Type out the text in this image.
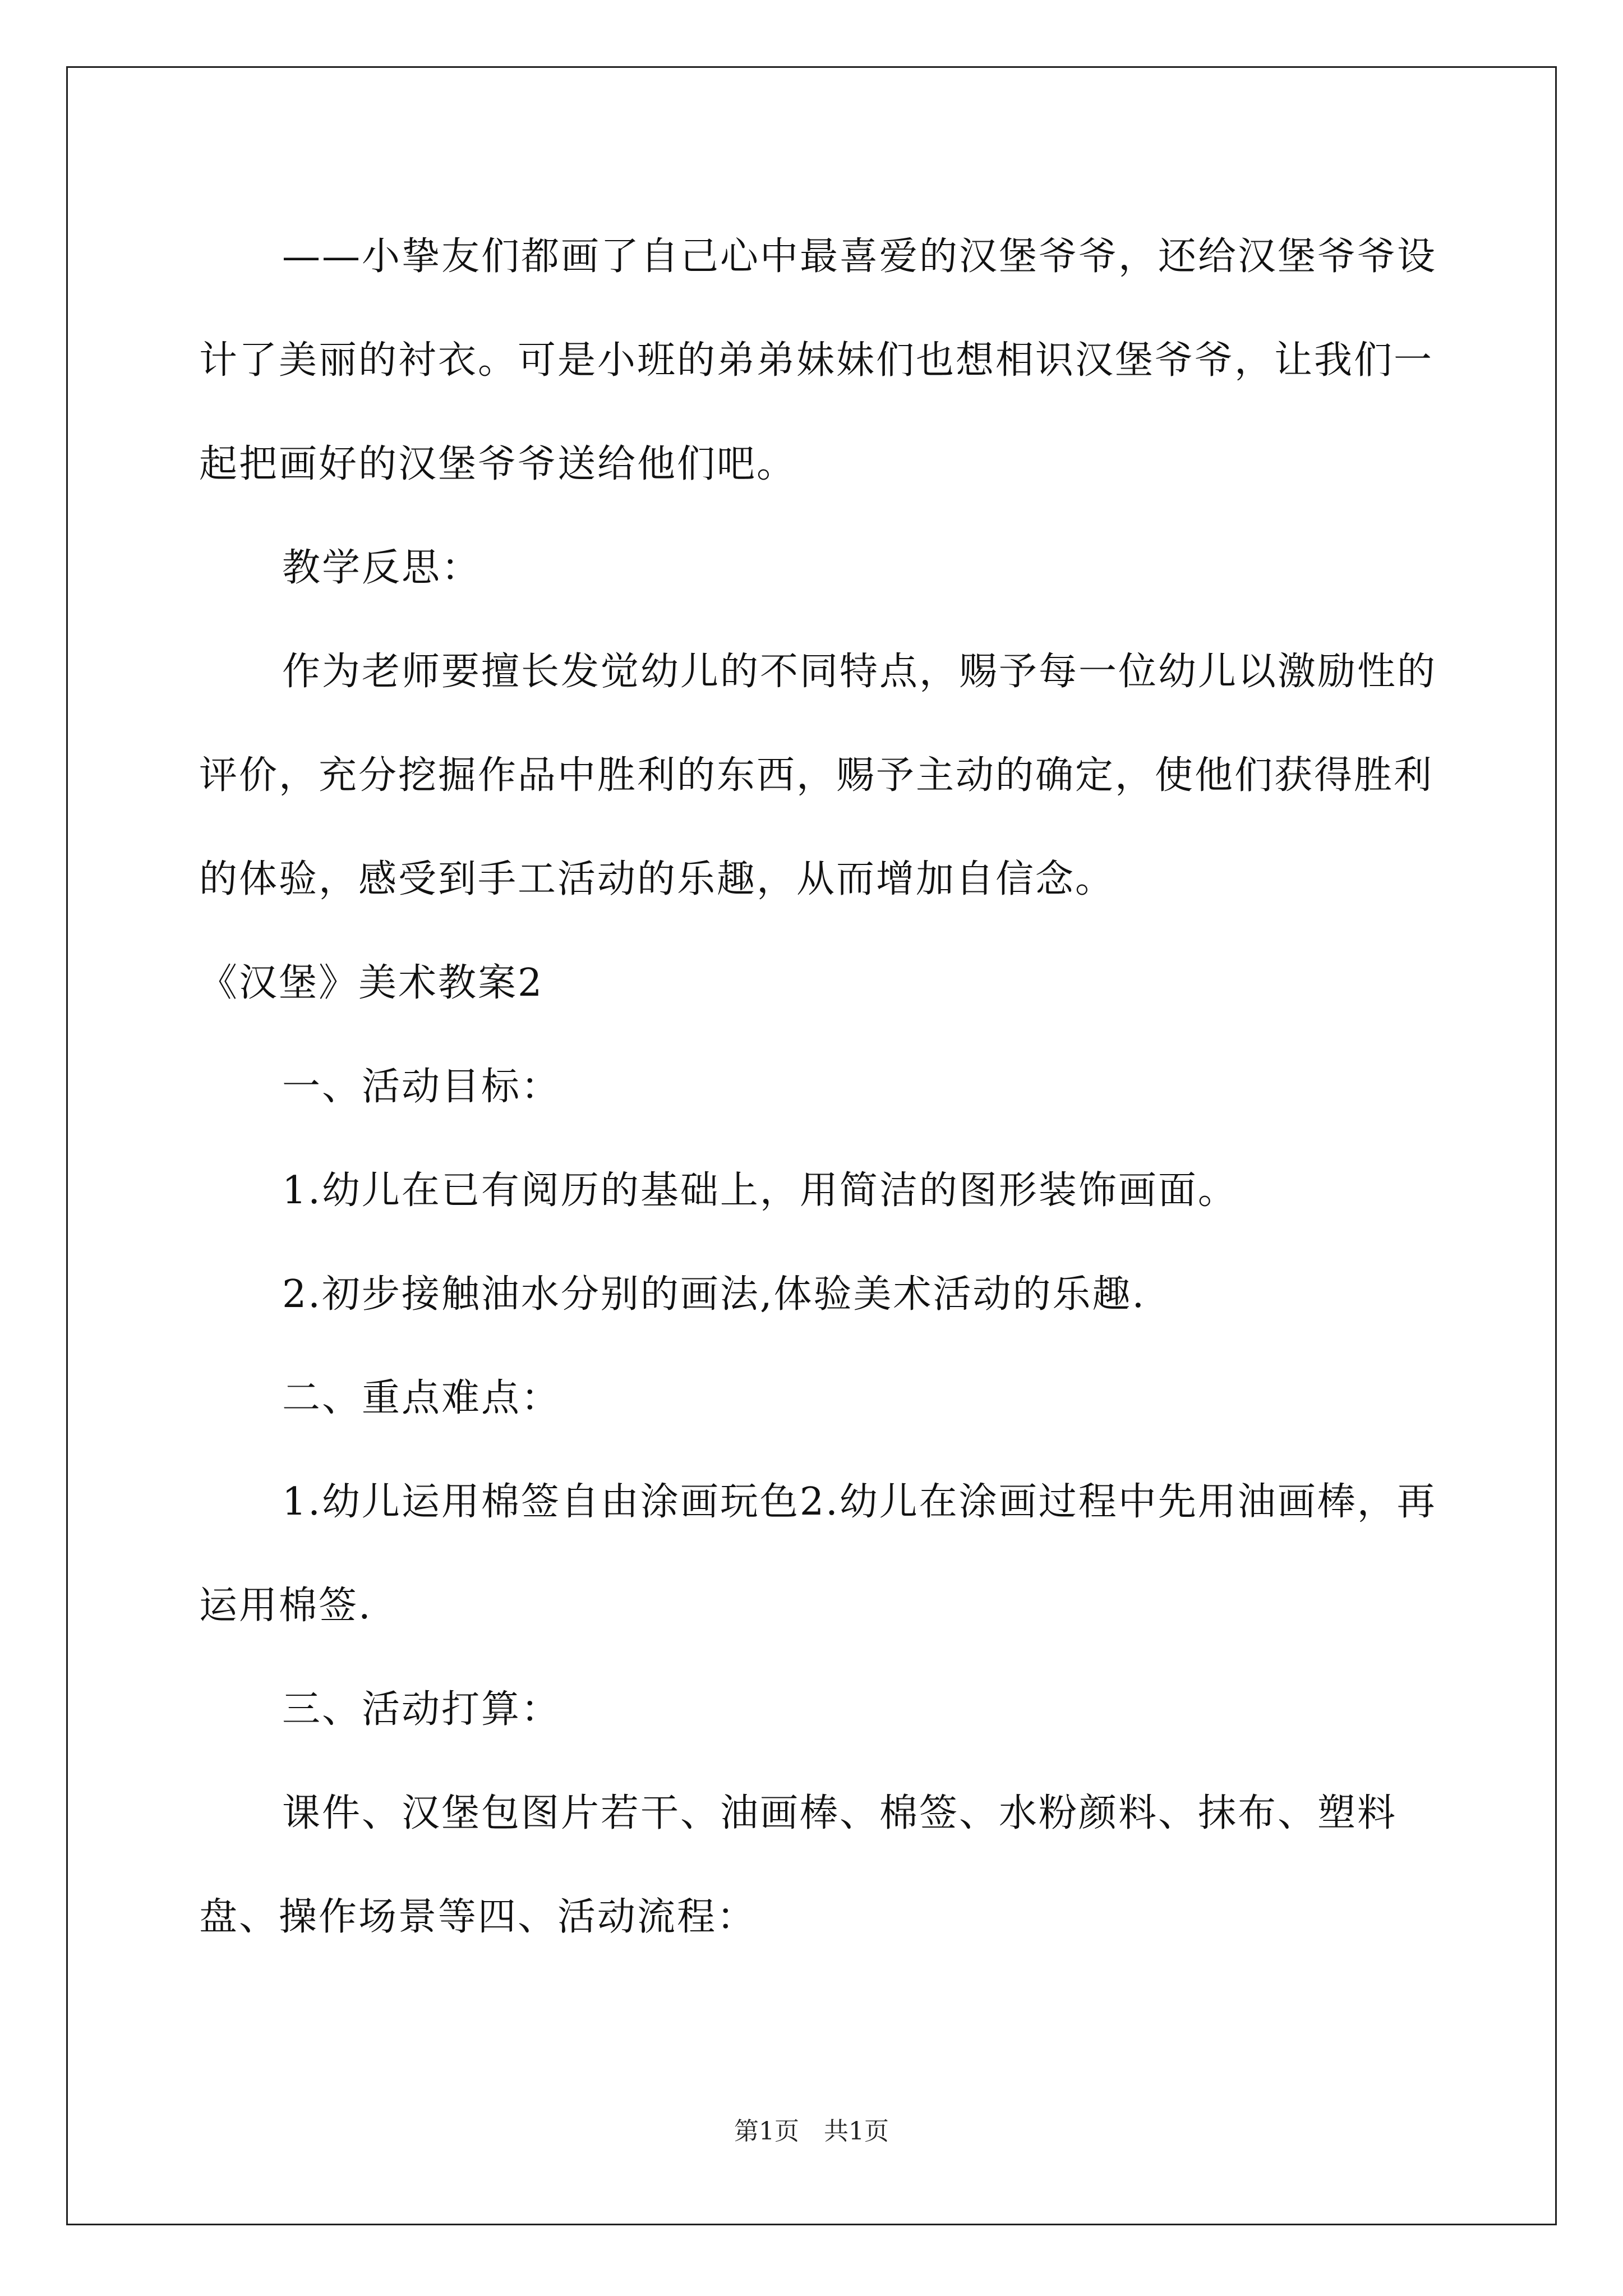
——小挚友们都画了自己心中最喜爱的汉堡爷爷，还给汉堡爷爷设计了美丽的衬衣。可是小班的弟弟妹妹们也想相识汉堡爷爷，让我们一起把画好的汉堡爷爷送给他们吧。

教学反思：

作为老师要擅长发觉幼儿的不同特点，赐予每一位幼儿以激励性的评价，充分挖掘作品中胜利的东西，赐予主动的确定，使他们获得胜利的体验，感受到手工活动的乐趣，从而增加自信念。

《汉堡》美术教案2

一、活动目标：

1.幼儿在已有阅历的基础上，用简洁的图形装饰画面。

2.初步接触油水分别的画法,体验美术活动的乐趣.

二、重点难点：

1.幼儿运用棉签自由涂画玩色2.幼儿在涂画过程中先用油画棒，再运用棉签.

三、活动打算：

课件、汉堡包图片若干、油画棒、棉签、水粉颜料、抹布、塑料盘、操作场景等四、活动流程：

第1页　共1页
